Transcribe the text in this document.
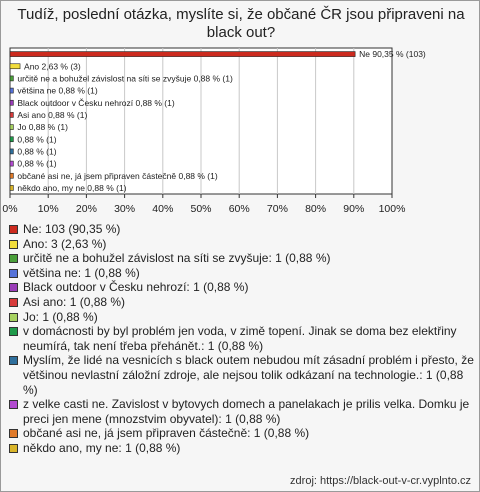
Tudíž, poslední otázka, myslíte si, že občané ČR jsou připraveni na black out?
0% 10% 20% 30% 40% 50% 60% 70% 80% 90% 100%
Ne 90,35 % (103)
Ano 2,63 % (3)
určitě ne a bohužel závislost na síti se zvyšuje 0,88 % (1)
většina ne 0,88 % (1)
Black outdoor v Česku nehrozí 0,88 % (1)
Asi ano 0,88 % (1)
Jo 0,88 % (1)
0,88 % (1)
0,88 % (1)
0,88 % (1)
občané asi ne, já jsem připraven částečně 0,88 % (1)
někdo ano, my ne 0,88 % (1)
Ne: 103 (90,35 %)
Ano: 3 (2,63 %)
určitě ne a bohužel závislost na síti se zvyšuje: 1 (0,88 %)
většina ne: 1 (0,88 %)
Black outdoor v Česku nehrozí: 1 (0,88 %)
Asi ano: 1 (0,88 %)
Jo: 1 (0,88 %)
v domácnosti by byl problém jen voda, v zimě topení. Jinak se doma bez elektřiny neumírá, tak není třeba přehánět.: 1 (0,88 %)
Myslím, že lidé na vesnicích s black outem nebudou mít zásadní problém i přesto, že většinou nevlastní záložní zdroje, ale nejsou tolik odkázaní na technologie.: 1 (0,88 %)
z velke casti ne. Zavislost v bytovych domech a panelakach je prilis velka. Domku je preci jen mene (mnozstvim obyvatel): 1 (0,88 %)
občané asi ne, já jsem připraven částečně: 1 (0,88 %)
někdo ano, my ne: 1 (0,88 %)
zdroj: https://black-out-v-cr.vyplnto.cz
